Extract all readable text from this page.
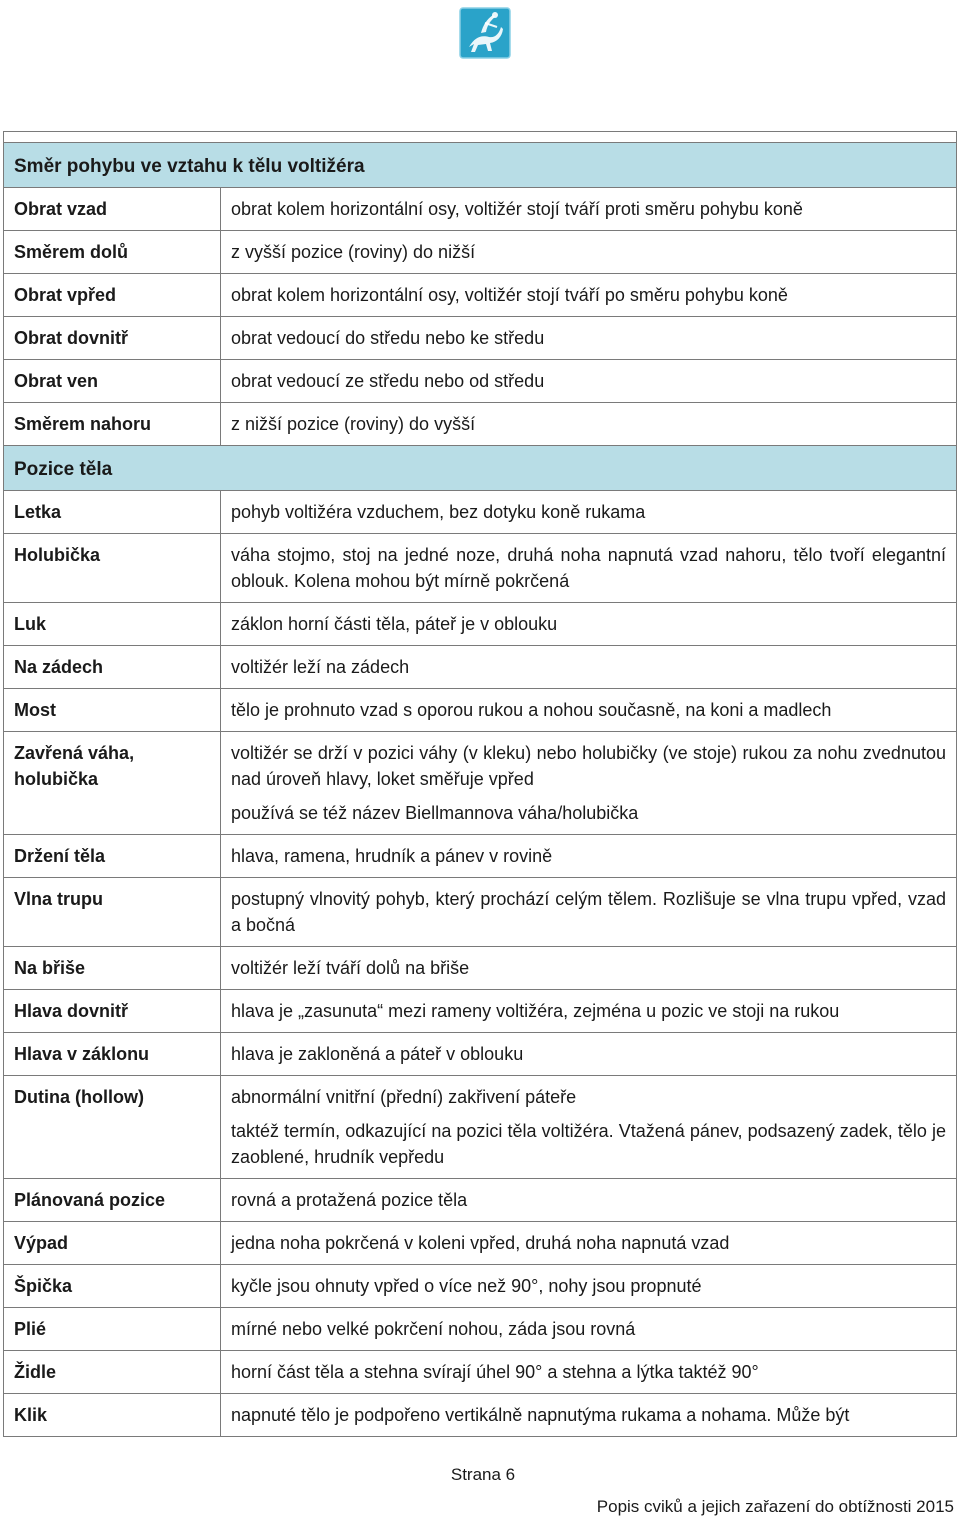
Směr pohybu ve vztahu k tělu voltižéra	
Obrat vzad	obrat kolem horizontální osy, voltižér stojí tváří proti směru pohybu koně
Směrem dolů	z vyšší pozice (roviny) do nižší
Obrat vpřed	obrat kolem horizontální osy, voltižér stojí tváří po směru pohybu koně
Obrat dovnitř	obrat vedoucí do středu nebo ke středu
Obrat ven	obrat vedoucí ze středu nebo od středu
Směrem nahoru	z nižší pozice (roviny) do vyšší
Pozice těla	
Letka	pohyb voltižéra vzduchem, bez dotyku koně rukama
Holubička	váha stojmo, stoj na jedné noze, druhá noha napnutá vzad nahoru, tělo tvoří elegantní oblouk. Kolena mohou být mírně pokrčená
Luk	záklon horní části těla, páteř je v oblouku
Na zádech	voltižér leží na zádech
Most	tělo je prohnuto vzad s oporou rukou a nohou současně, na koni a madlech
Zavřená váha, holubička	voltižér se drží v pozici váhy (v kleku) nebo holubičky (ve stoje) rukou za nohu zvednutou nad úroveň hlavy, loket směřuje vpřed
používá se též název Biellmannova váha/holubička

Držení těla	hlava, ramena, hrudník a pánev v rovině
Vlna trupu	postupný vlnovitý pohyb, který prochází celým tělem. Rozlišuje se vlna trupu vpřed, vzad a bočná
Na břiše	voltižér leží tváří dolů na břiše
Hlava dovnitř	hlava je „zasunuta“ mezi rameny voltižéra, zejména u pozic ve stoji na rukou
Hlava v záklonu	hlava je zakloněná a páteř v oblouku
Dutina (hollow)	abnormální vnitřní (přední) zakřivení páteře
taktéž termín, odkazující na pozici těla voltižéra. Vtažená pánev, podsazený zadek, tělo je zaoblené, hrudník vepředu

Plánovaná pozice	rovná a protažená pozice těla
Výpad	jedna noha pokrčená v koleni vpřed, druhá noha napnutá vzad
Špička	kyčle jsou ohnuty vpřed o více než 90°, nohy jsou propnuté
Plié	mírné nebo velké pokrčení nohou, záda jsou rovná
Židle	horní část těla a stehna svírají úhel 90° a stehna a lýtka taktéž 90°
Klik	napnuté tělo je podpořeno vertikálně napnutýma rukama a nohama. Může být
Strana 6
Popis cviků a jejich zařazení do obtížnosti 2015
